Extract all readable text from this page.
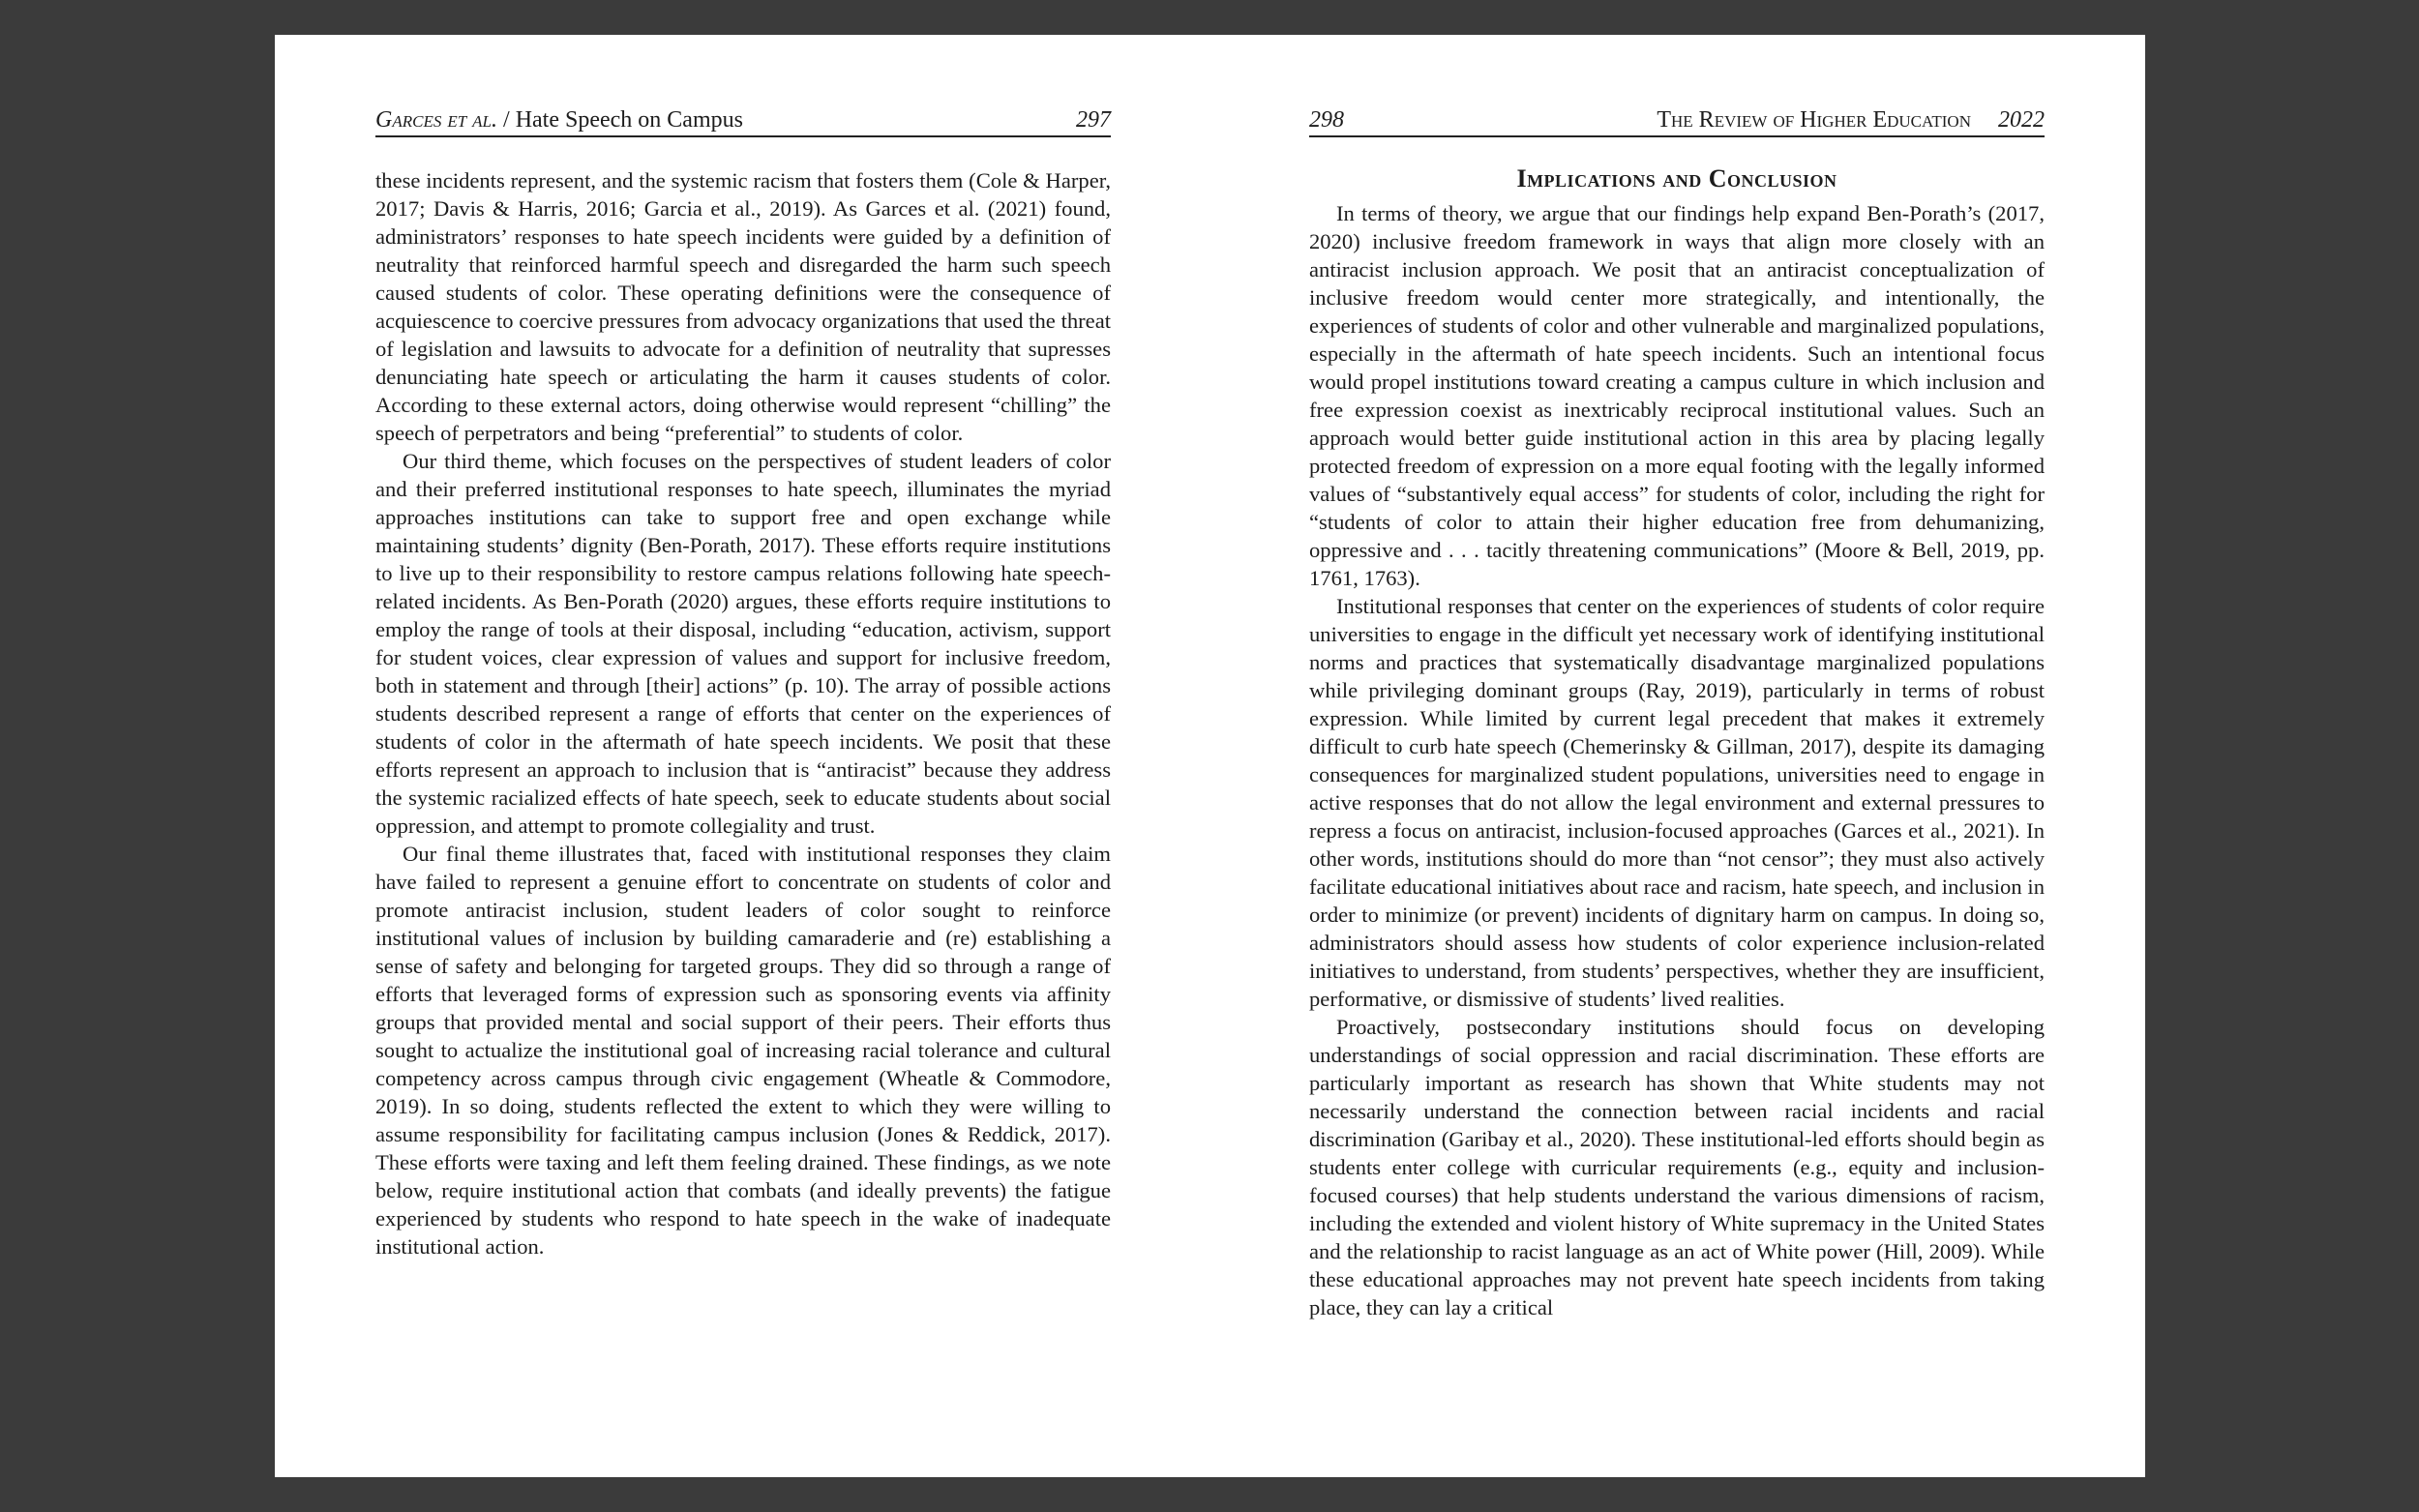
Garces et al. / Hate Speech on Campus	297

these incidents represent, and the systemic racism that fosters them (Cole & Harper, 2017; Davis & Harris, 2016; Garcia et al., 2019). As Garces et al. (2021) found, administrators’ responses to hate speech incidents were guided by a definition of neutrality that reinforced harmful speech and disregarded the harm such speech caused students of color. These operating definitions were the consequence of acquiescence to coercive pressures from advocacy organizations that used the threat of legislation and lawsuits to advocate for a definition of neutrality that supresses denunciating hate speech or articulating the harm it causes students of color. According to these external actors, doing otherwise would represent “chilling” the speech of perpetrators and being “preferential” to students of color.

Our third theme, which focuses on the perspectives of student leaders of color and their preferred institutional responses to hate speech, illuminates the myriad approaches institutions can take to support free and open exchange while maintaining students’ dignity (Ben-Porath, 2017). These efforts require institutions to live up to their responsibility to restore campus relations following hate speech-related incidents. As Ben-Porath (2020) argues, these efforts require institutions to employ the range of tools at their disposal, including “education, activism, support for student voices, clear expression of values and support for inclusive freedom, both in statement and through [their] actions” (p. 10). The array of possible actions students described represent a range of efforts that center on the experiences of students of color in the aftermath of hate speech incidents. We posit that these efforts represent an approach to inclusion that is “antiracist” because they address the systemic racialized effects of hate speech, seek to educate students about social oppression, and attempt to promote collegiality and trust.

Our final theme illustrates that, faced with institutional responses they claim have failed to represent a genuine effort to concentrate on students of color and promote antiracist inclusion, student leaders of color sought to reinforce institutional values of inclusion by building camaraderie and (re) establishing a sense of safety and belonging for targeted groups. They did so through a range of efforts that leveraged forms of expression such as sponsoring events via affinity groups that provided mental and social support of their peers. Their efforts thus sought to actualize the institutional goal of increasing racial tolerance and cultural competency across campus through civic engagement (Wheatle & Commodore, 2019). In so doing, students reflected the extent to which they were willing to assume responsibility for facilitating campus inclusion (Jones & Reddick, 2017). These efforts were taxing and left them feeling drained. These findings, as we note below, require institutional action that combats (and ideally prevents) the fatigue experienced by students who respond to hate speech in the wake of inadequate institutional action.

298	The Review of Higher Education 2022
Implications and Conclusion

In terms of theory, we argue that our findings help expand Ben-Porath’s (2017, 2020) inclusive freedom framework in ways that align more closely with an antiracist inclusion approach. We posit that an antiracist conceptualization of inclusive freedom would center more strategically, and intentionally, the experiences of students of color and other vulnerable and marginalized populations, especially in the aftermath of hate speech incidents. Such an intentional focus would propel institutions toward creating a campus culture in which inclusion and free expression coexist as inextricably reciprocal institutional values. Such an approach would better guide institutional action in this area by placing legally protected freedom of expression on a more equal footing with the legally informed values of “substantively equal access” for students of color, including the right for “students of color to attain their higher education free from dehumanizing, oppressive and . . . tacitly threatening communications” (Moore & Bell, 2019, pp. 1761, 1763).

Institutional responses that center on the experiences of students of color require universities to engage in the difficult yet necessary work of identifying institutional norms and practices that systematically disadvantage marginalized populations while privileging dominant groups (Ray, 2019), particularly in terms of robust expression. While limited by current legal precedent that makes it extremely difficult to curb hate speech (Chemerinsky & Gillman, 2017), despite its damaging consequences for marginalized student populations, universities need to engage in active responses that do not allow the legal environment and external pressures to repress a focus on antiracist, inclusion-focused approaches (Garces et al., 2021). In other words, institutions should do more than “not censor”; they must also actively facilitate educational initiatives about race and racism, hate speech, and inclusion in order to minimize (or prevent) incidents of dignitary harm on campus. In doing so, administrators should assess how students of color experience inclusion-related initiatives to understand, from students’ perspectives, whether they are insufficient, performative, or dismissive of students’ lived realities.

Proactively, postsecondary institutions should focus on developing understandings of social oppression and racial discrimination. These efforts are particularly important as research has shown that White students may not necessarily understand the connection between racial incidents and racial discrimination (Garibay et al., 2020). These institutional-led efforts should begin as students enter college with curricular requirements (e.g., equity and inclusion-focused courses) that help students understand the various dimensions of racism, including the extended and violent history of White supremacy in the United States and the relationship to racist language as an act of White power (Hill, 2009). While these educational approaches may not prevent hate speech incidents from taking place, they can lay a critical
